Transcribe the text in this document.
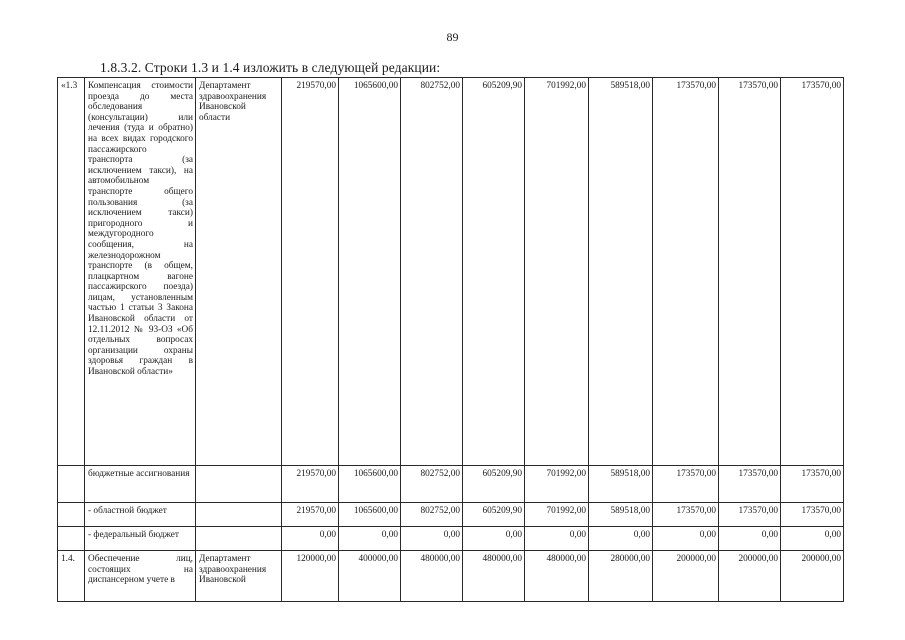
89
1.8.3.2. Строки 1.3 и 1.4 изложить в следующей редакции:
«1.3	Компенсация стоимости проезда до места обследования (консультации) или лечения (туда и обратно) на всех видах городского пассажирского транспорта (за исключением такси), на автомобильном транспорте общего пользования (за исключением такси) пригородного и междугородного сообщения, на железнодорожном транспорте (в общем, плацкартном вагоне пассажирского поезда) лицам, установленным частью 1 статьи 3 Закона Ивановской области от 12.11.2012 № 93-ОЗ «Об отдельных вопросах организации охраны здоровья граждан в Ивановской области»	Департамент здравоохранения Ивановской области	219570,00	1065600,00	802752,00	605209,90	701992,00	589518,00	173570,00	173570,00	173570,00
	бюджетные ассигнования		219570,00	1065600,00	802752,00	605209,90	701992,00	589518,00	173570,00	173570,00	173570,00
	- областной бюджет		219570,00	1065600,00	802752,00	605209,90	701992,00	589518,00	173570,00	173570,00	173570,00
	- федеральный бюджет		0,00	0,00	0,00	0,00	0,00	0,00	0,00	0,00	0,00
1.4.	Обеспечение лиц, состоящих на диспансерном учете в	Департамент здравоохранения Ивановской	120000,00	400000,00	480000,00	480000,00	480000,00	280000,00	200000,00	200000,00	200000,00
